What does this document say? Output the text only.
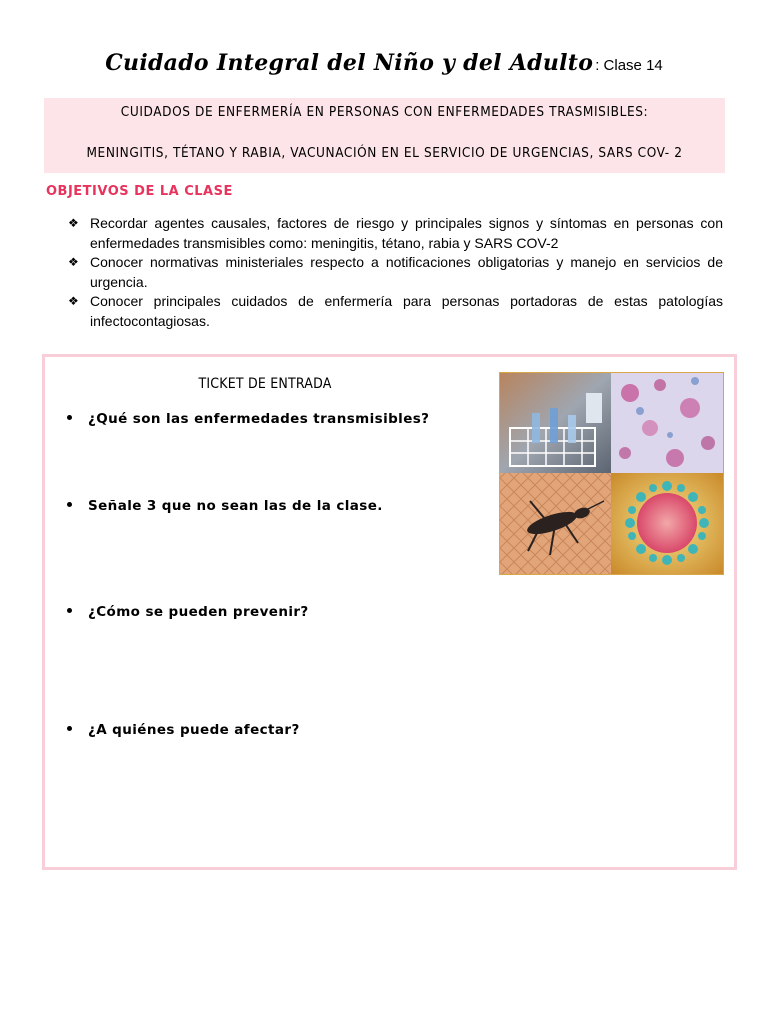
Cuidado Integral del Niño y del Adulto : Clase 14
CUIDADOS DE ENFERMERÍA EN PERSONAS CON ENFERMEDADES TRASMISIBLES:
MENINGITIS, TÉTANO Y RABIA, VACUNACIÓN EN EL SERVICIO DE URGENCIAS, SARS COV- 2
OBJETIVOS DE LA CLASE
❖ Recordar agentes causales, factores de riesgo y principales signos y síntomas en personas con enfermedades transmisibles como: meningitis, tétano, rabia y SARS COV-2
❖ Conocer normativas ministeriales respecto a notificaciones obligatorias y manejo en servicios de urgencia.
❖ Conocer principales cuidados de enfermería para personas portadoras de estas patologías infectocontagiosas.
TICKET DE ENTRADA
¿Qué son las enfermedades transmisibles?
Señale 3 que no sean las de la clase.
¿Cómo se pueden prevenir?
¿A quiénes puede afectar?
